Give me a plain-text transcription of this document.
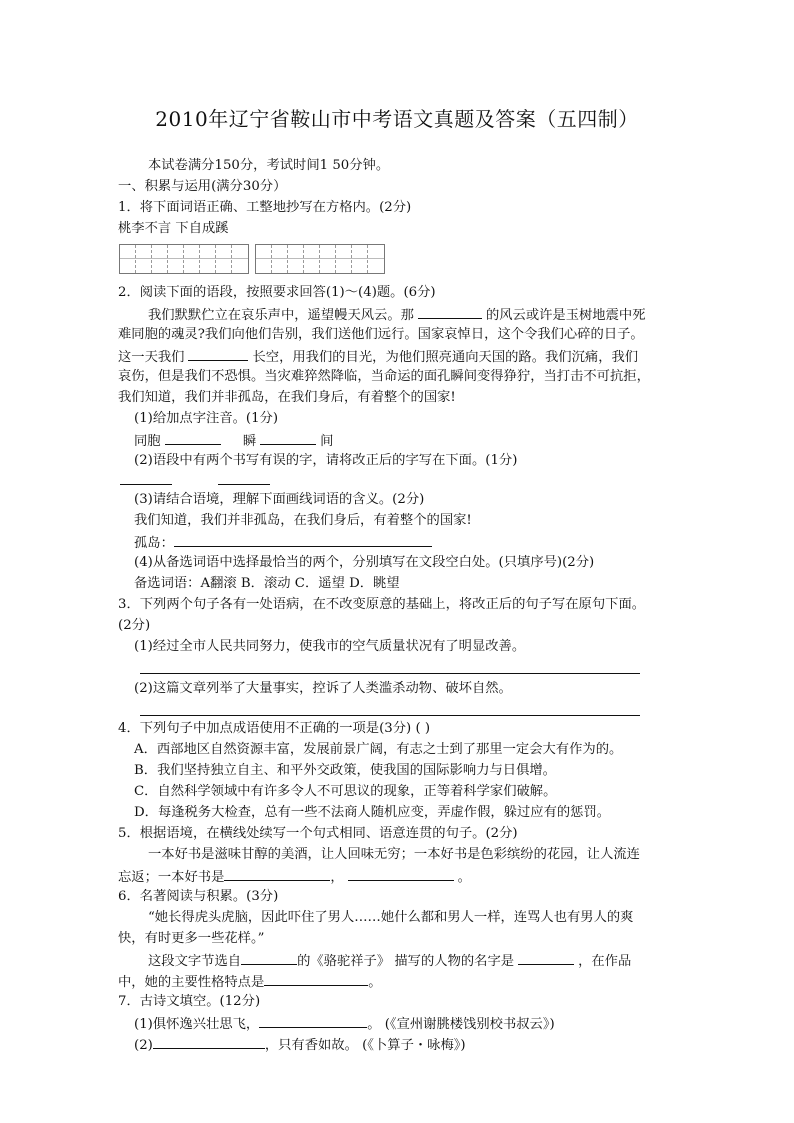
2010年辽宁省鞍山市中考语文真题及答案（五四制）
本试卷满分150分，考试时间1 50分钟。
一、积累与运用(满分30分）
1．将下面词语正确、工整地抄写在方格内。(2分)
桃李不言 下自成蹊
2．阅读下面的语段，按照要求回答(1)～(4)题。(6分)
我们默默伫立在哀乐声中，遥望幔天风云。那	的风云或许是玉树地震中死
难同胞的魂灵?我们向他们告别，我们送他们远行。国家哀悼日，这个令我们心碎的日子。
这一天我们	长空，用我们的目光，为他们照亮通向天国的路。我们沉痛，我们
哀伤，但是我们不恐惧。当灾难猝然降临，当命运的面孔瞬间变得狰狞，当打击不可抗拒，
我们知道，我们并非孤岛，在我们身后，有着整个的国家!
(1)给加点字注音。(1分)
同胞	瞬	间
(2)语段中有两个书写有误的字，请将改正后的字写在下面。(1分)
(3)请结合语境，理解下面画线词语的含义。(2分)
我们知道，我们并非孤岛，在我们身后，有着整个的国家!
孤岛：
(4)从备选词语中选择最恰当的两个，分别填写在文段空白处。(只填序号)(2分)
备选词语：A翻滚 B．滚动 C．遥望 D．眺望
3．下列两个句子各有一处语病，在不改变原意的基础上，将改正后的句子写在原句下面。
(2分)
(1)经过全市人民共同努力，使我市的空气质量状况有了明显改善。
(2)这篇文章列举了大量事实，控诉了人类滥杀动物、破坏自然。
4．下列句子中加点成语使用不正确的一项是(3分) ( )
A．西部地区自然资源丰富，发展前景广阔，有志之士到了那里一定会大有作为的。
B．我们坚持独立自主、和平外交政策，使我国的国际影响力与日俱增。
C．自然科学领域中有许多令人不可思议的现象，正等着科学家们破解。
D．每逢税务大检查，总有一些不法商人随机应变，弄虚作假，躲过应有的惩罚。
5．根据语境，在横线处续写一个句式相同、语意连贯的句子。(2分)
一本好书是滋味甘醇的美酒，让人回味无穷；一本好书是色彩缤纷的花园，让人流连
忘返；一本好书是	，	。
6．名著阅读与积累。(3分)
“她长得虎头虎脑，因此吓住了男人……她什么都和男人一样，连骂人也有男人的爽
快，有时更多一些花样。”
这段文字节选自	的《骆驼祥子》 描写的人物的名字是	，在作品
中，她的主要性格特点是	。
7．古诗文填空。(12分)
(1)俱怀逸兴壮思飞，	。 (《宣州谢朓楼饯别校书叔云》)
(2)	，只有香如故。 (《卜算子・咏梅》)
